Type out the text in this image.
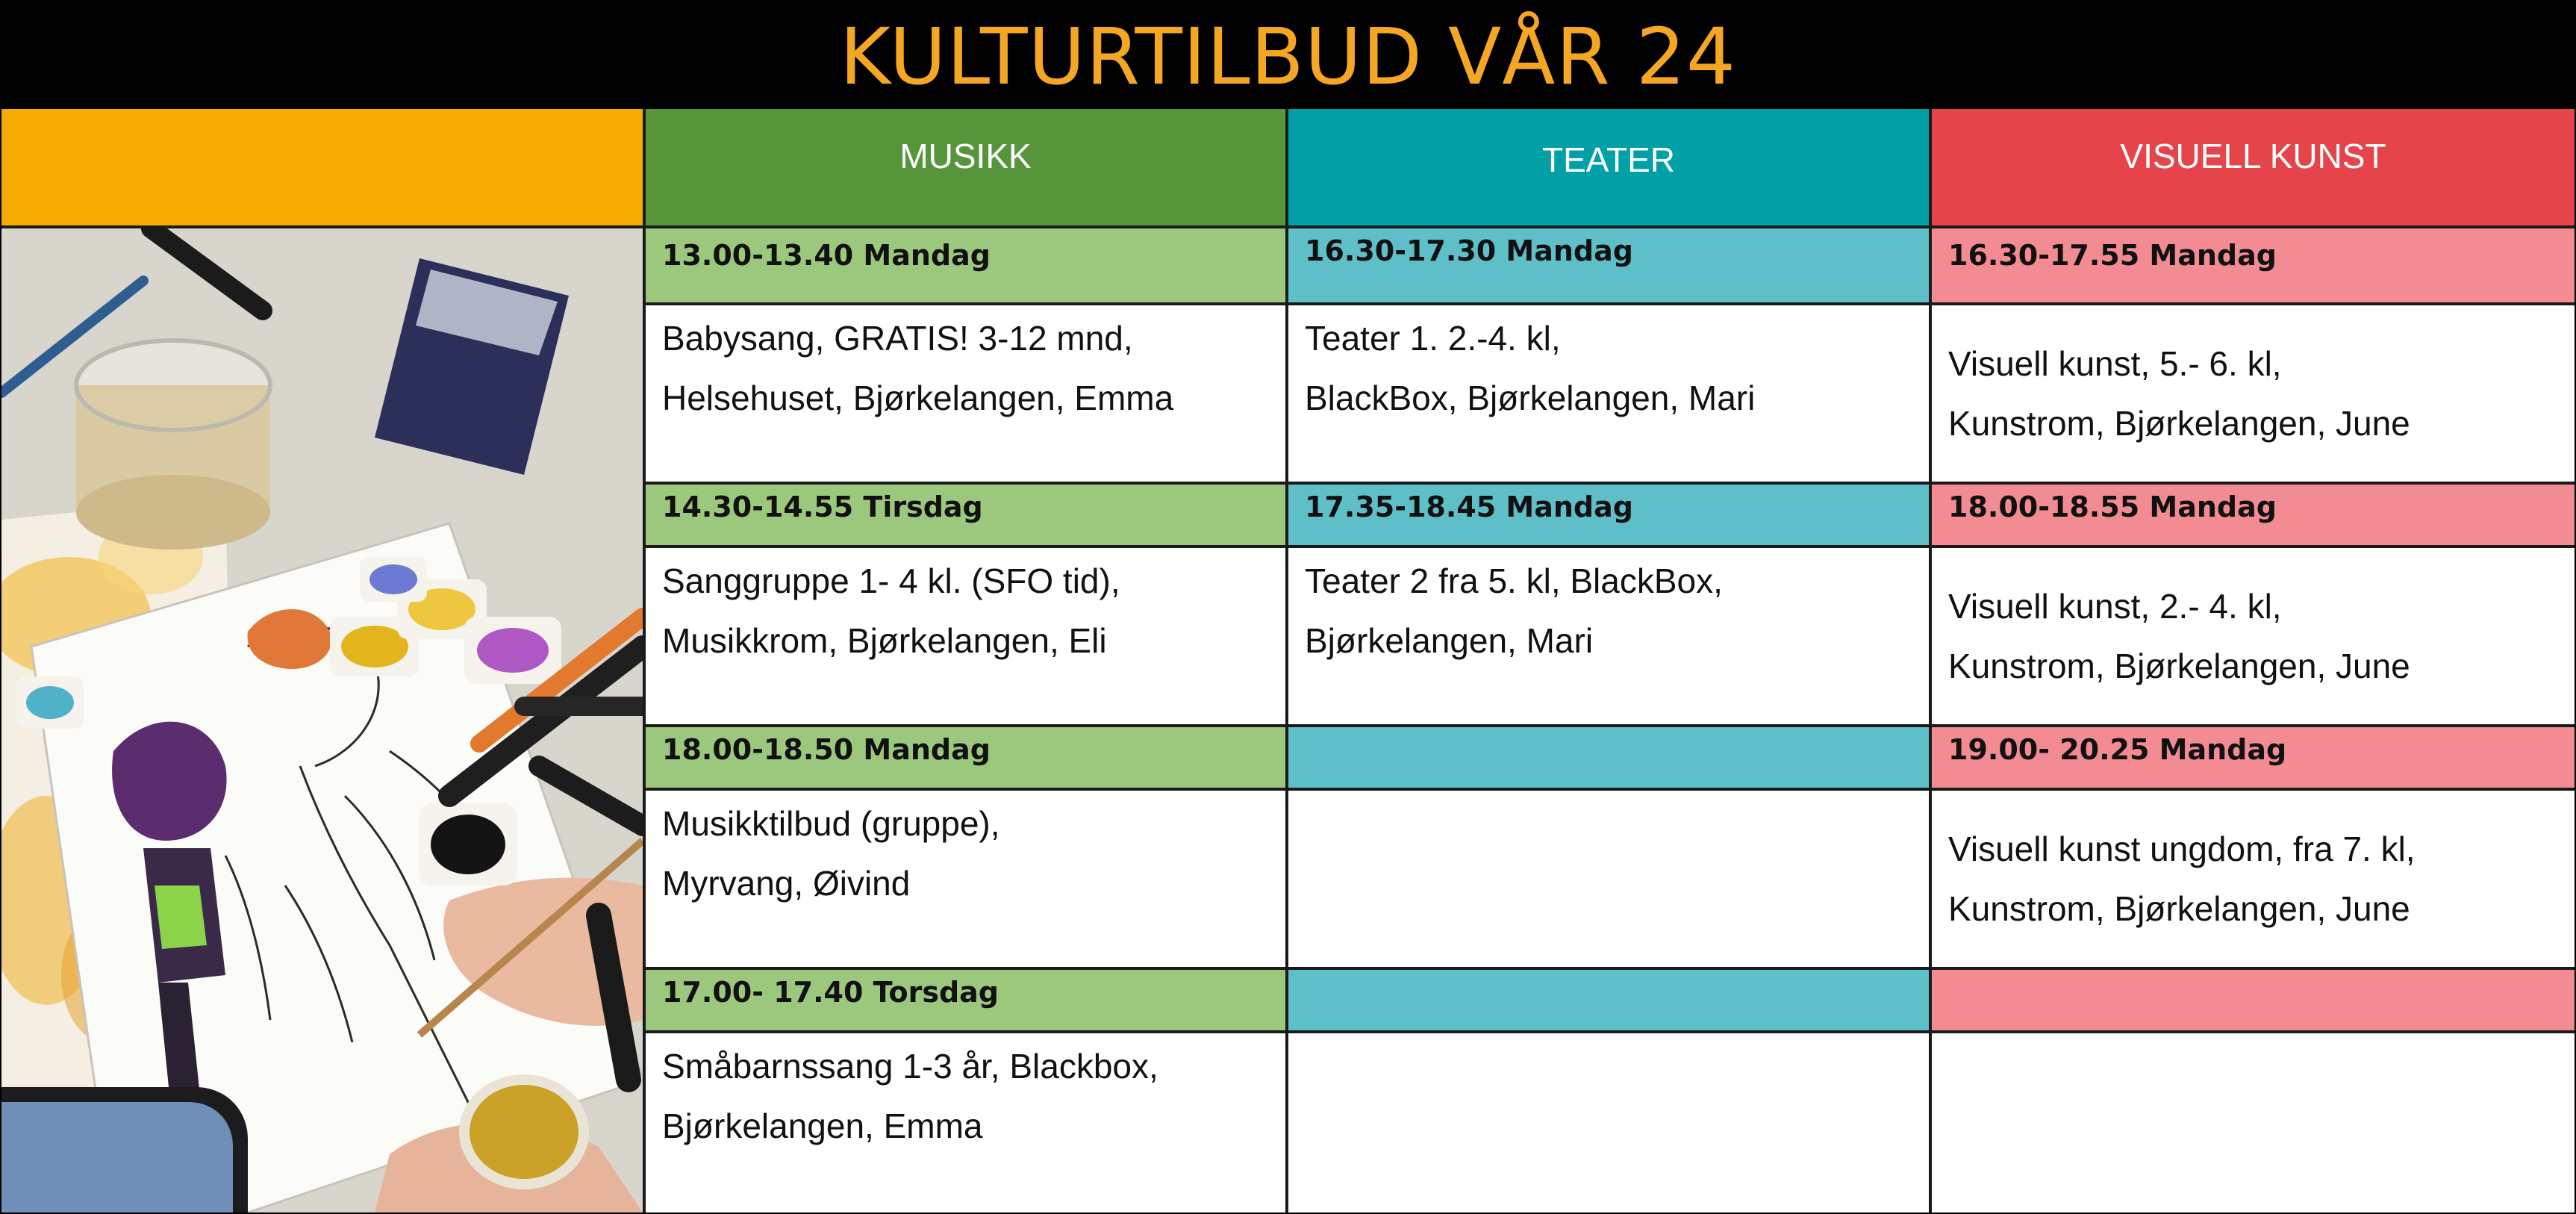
KULTURTILBUD VÅR 24
MUSIKK	TEATER	VISUELL KUNST
13.00-13.40 Mandag
Babysang, GRATIS! 3-12 mnd,
Helsehuset, Bjørkelangen, Emma
14.30-14.55 Tirsdag
Sanggruppe 1- 4 kl. (SFO tid),
Musikkrom, Bjørkelangen, Eli
18.00-18.50 Mandag
Musikktilbud (gruppe),
Myrvang, Øivind
17.00- 17.40 Torsdag
Småbarnssang 1-3 år, Blackbox,
Bjørkelangen, Emma
16.30-17.30 Mandag
Teater 1. 2.-4. kl,
BlackBox, Bjørkelangen, Mari
17.35-18.45 Mandag
Teater 2 fra 5. kl, BlackBox,
Bjørkelangen, Mari
16.30-17.55 Mandag
Visuell kunst, 5.- 6. kl,
Kunstrom, Bjørkelangen, June
18.00-18.55 Mandag
Visuell kunst, 2.- 4. kl,
Kunstrom, Bjørkelangen, June
19.00- 20.25 Mandag
Visuell kunst ungdom, fra 7. kl,
Kunstrom, Bjørkelangen, June
